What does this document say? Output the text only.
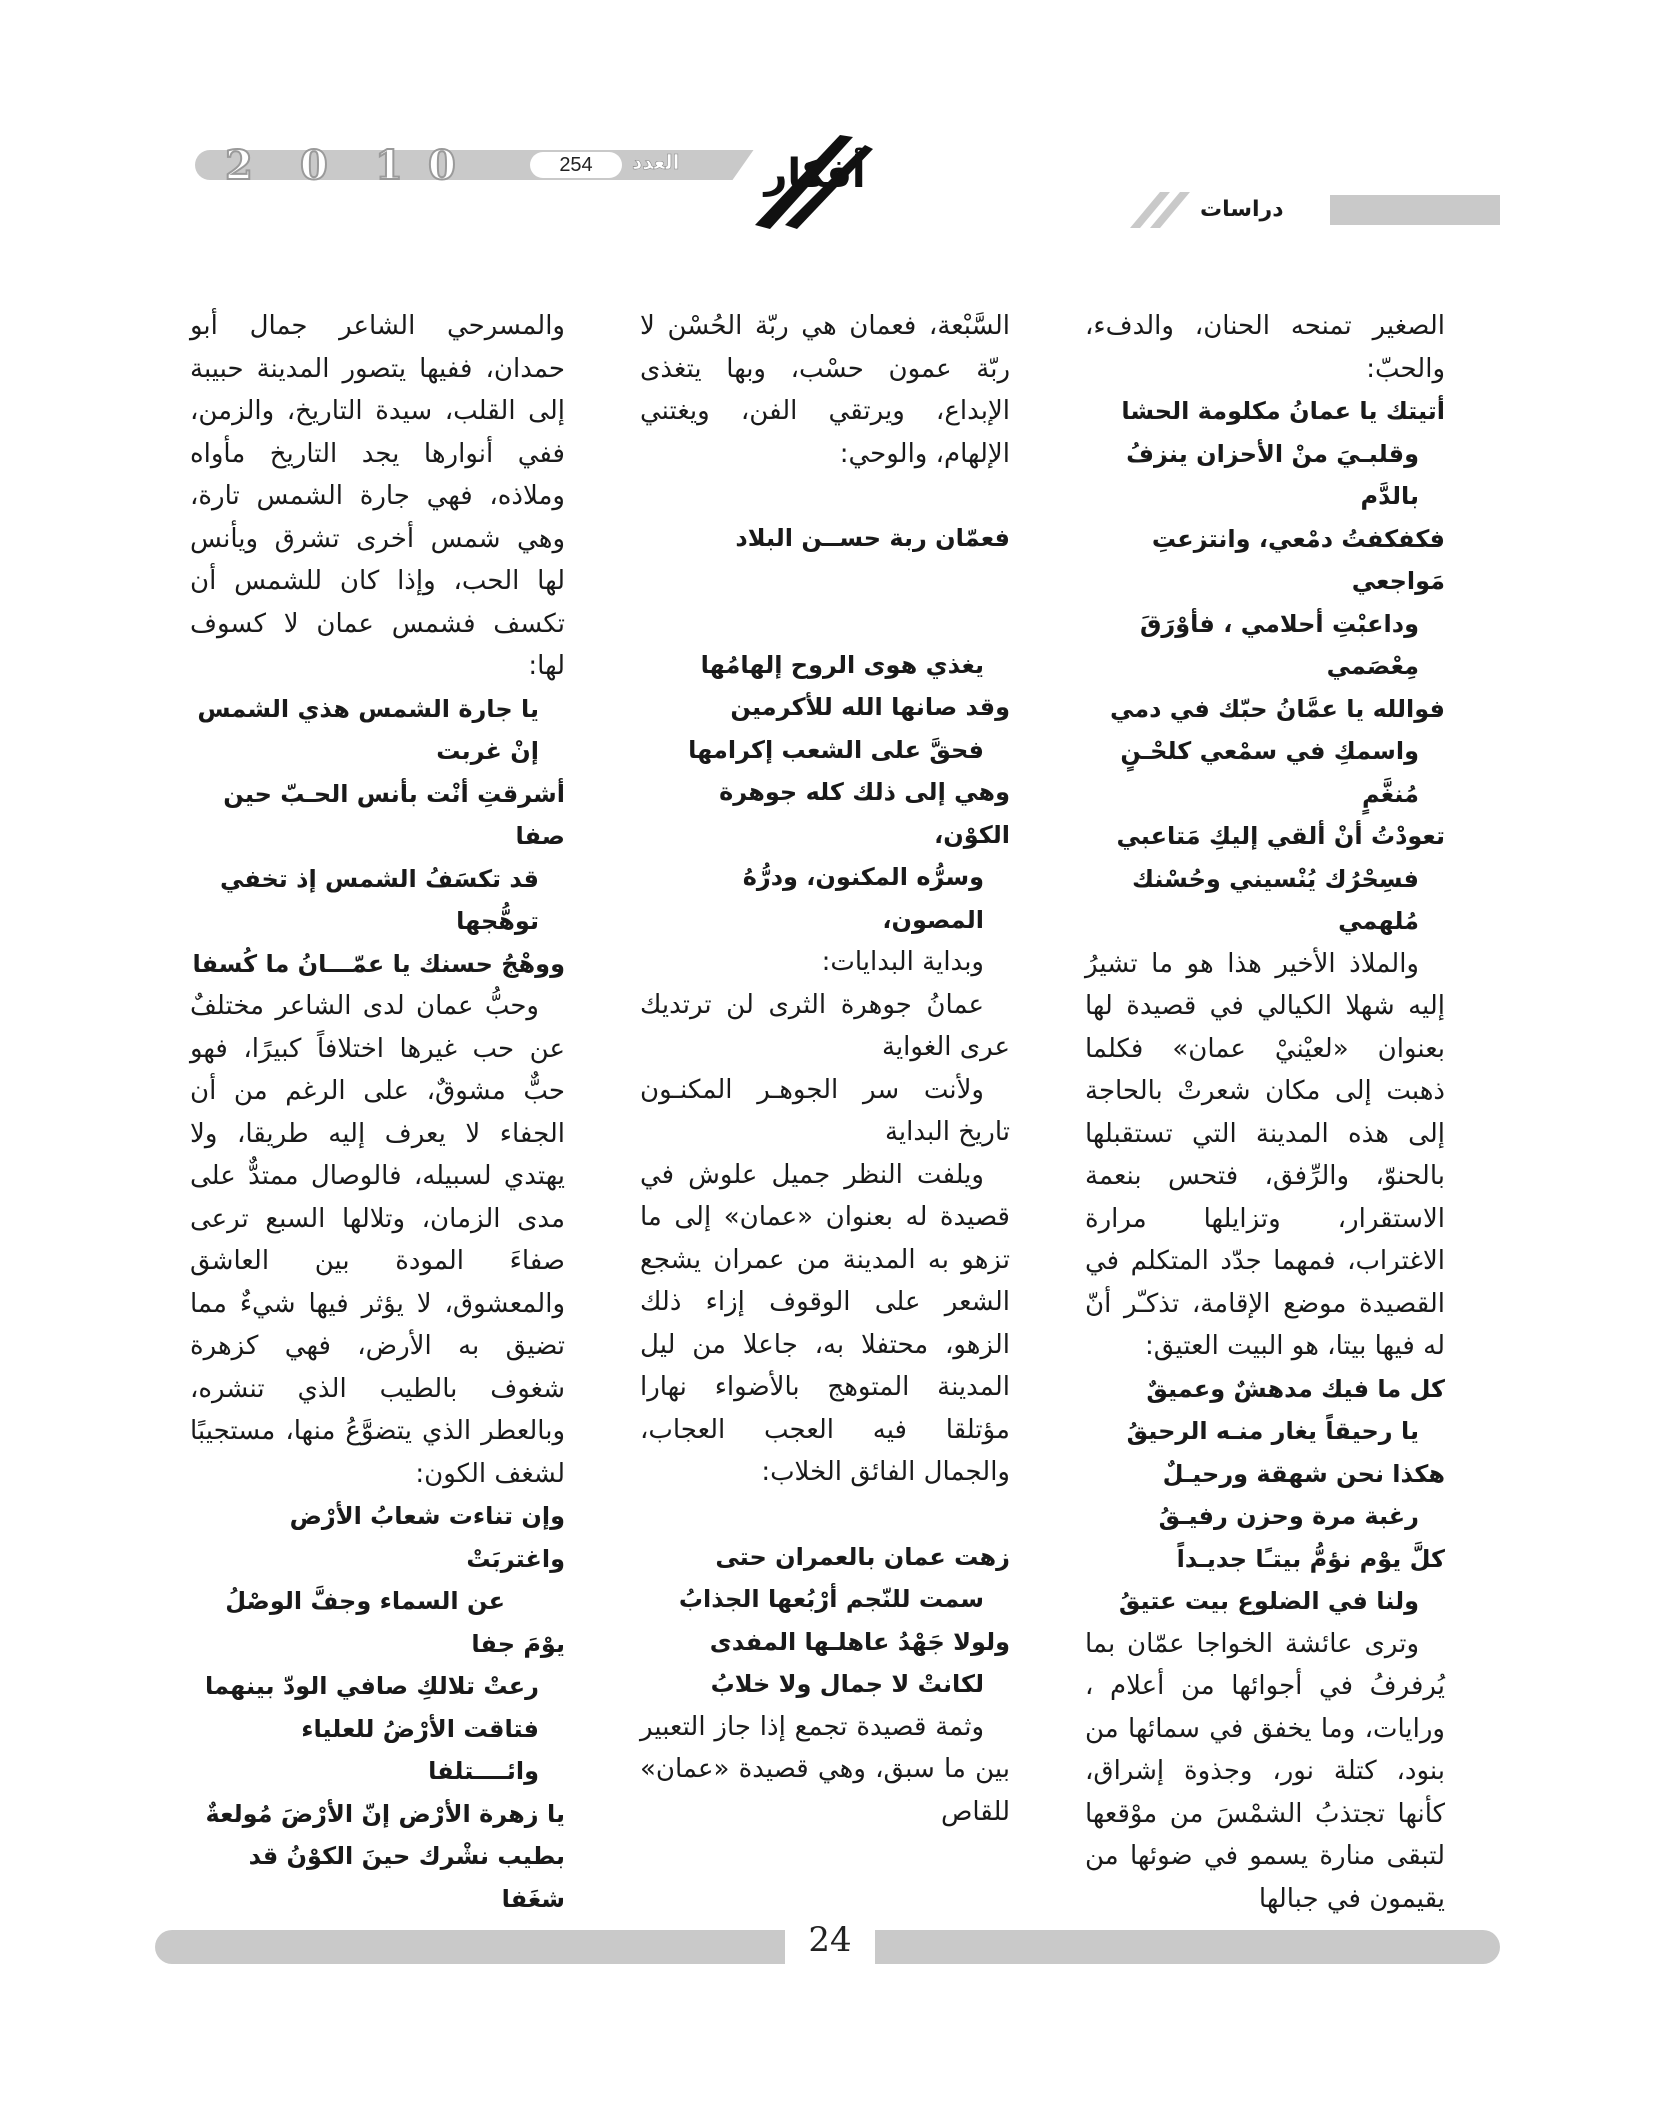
2 0 1 0	254	العدد أفكار
دراسات
الصغير تمنحه الحنان، والدفء، والحبّ:
أتيتك يا عمانُ مكلومة الحشا
وقلبـيَ منْ الأحزان ينزفُ بالدَّم
فكفكفتُ دمْعي، وانتزعتِ مَواجعي
وداعبْتِ أحلامي ، فأوْرَقَ مِعْصَمي
فوالله يا عمَّانُ حبّك في دمي
واسمكِ في سمْعي كلحْـنٍ مُنغَّمٍ
تعودْتُ أنْ ألقي إليكِ مَتاعبي
فسِحْرُك يُنْسيني وحُسْنك مُلهمي
والملاذ الأخير هذا هو ما تشيرُ إليه شهلا الكيالي في قصيدة لها بعنوان «لعيْنيْ عمان» فكلما ذهبت إلى مكان شعرتْ بالحاجة إلى هذه المدينة التي تستقبلها بالحنوّ، والرِّفق، فتحس بنعمة الاستقرار، وتزايلها مرارة الاغتراب، فمهما جدّد المتكلم في القصيدة موضع الإقامة، تذكـّر أنّ له فيها بيتا، هو البيت العتيق:
كل ما فيك مدهشٌ وعميقٌ
يا رحيقاً يغار منـه الرحيقُ
هكذا نحن شهقة ورحيـلٌ
رغبة مرة وحزن رفيـقُ
كلَّ يوْم نؤمُّ بيتـًا جديـداً
ولنا في الضلوع بيت عتيقُ
وترى عائشة الخواجا عمّان بما يُرفرفُ في أجوائها من أعلام ، ورايات، وما يخفق في سمائها من بنود، كتلة نور، وجذوة إشراق، كأنها تجتذبُ الشمْسَ من موْقعها لتبقى منارة يسمو في ضوئها من يقيمون في جبالها
السَّبْعة، فعمان هي ربّة الحُسْن لا ربّة عمون حسْب، وبها يتغذى الإبداع، ويرتقي الفن، ويغتني الإلهام، والوحي:
فعمّان ربة حســن البلاد
يغذي هوى الروح إلهامُها
وقد صانها الله للأكرمين
فحقَّ على الشعب إكرامها
وهي إلى ذلك كله جوهرة الكوْن،
وسرُّه المكنون، ودرُّهُ المصون،
وبداية البدايات:
عمانُ جوهرة الثرى لن ترتديك عرى الغواية
ولأنت سر الجوهـر المكنـون تاريخ البداية
ويلفت النظر جميل علوش في قصيدة له بعنوان «عمان» إلى ما تزهو به المدينة من عمران يشجع الشعر على الوقوف إزاء ذلك الزهو، محتفلا به، جاعلا من ليل المدينة المتوهج بالأضواء نهارا مؤتلقا فيه العجب العجاب، والجمال الفائق الخلاب:
زهت عمان بالعمران حتى
سمت للنّجم أرْبُعها الجذابُ
ولولا جَهْدُ عاهلـها المفدى
لكانتْ لا جمال ولا خلابُ
وثمة قصيدة تجمع إذا جاز التعبير بين ما سبق، وهي قصيدة «عمان» للقاص
والمسرحي الشاعر جمال أبو حمدان، ففيها يتصور المدينة حبيبة إلى القلب، سيدة التاريخ، والزمن، ففي أنوارها يجد التاريخ مأواه وملاذه، فهي جارة الشمس تارة، وهي شمس أخرى تشرق ويأنس لها الحب، وإذا كان للشمس أن تكسف فشمس عمان لا كسوف لها:
يا جارة الشمس هذي الشمس إنْ غربت
أشرقتِ أنْت بأنس الحـبّ حين صفا
قد تكسَفُ الشمس إذ تخفي توهُّجها
ووهْجُ حسنك يا عمّـــانُ ما كُسفا
وحبُّ عمان لدى الشاعر مختلفٌ عن حب غيرها اختلافاً كبيرًا، فهو حبٌّ مشوقٌ، على الرغم من أن الجفاء لا يعرف إليه طريقا، ولا يهتدي لسبيله، فالوصال ممتدٌّ على مدى الزمان، وتلالها السبع ترعى صفاءَ المودة بين العاشق والمعشوق، لا يؤثر فيها شيءٌ مما تضيق به الأرض، فهي كزهرة شغوف بالطيب الذي تنشره، وبالعطر الذي يتضوَّعُ منها، مستجيبًا لشغف الكون:
وإن تناءت شعابُ الأرْض واغتربَتْ
عن السماء وجفَّ الوصْلُ
يوْمَ جفا
رعتْ تلالكِ صافي الودّ بينهما
فتاقت الأرْضُ للعلياء وائــــتلفا
يا زهرة الأرْض إنّ الأرْضَ مُولعةٌ
بطيب نشْرك حينَ الكوْنُ قد شغَفا
24
